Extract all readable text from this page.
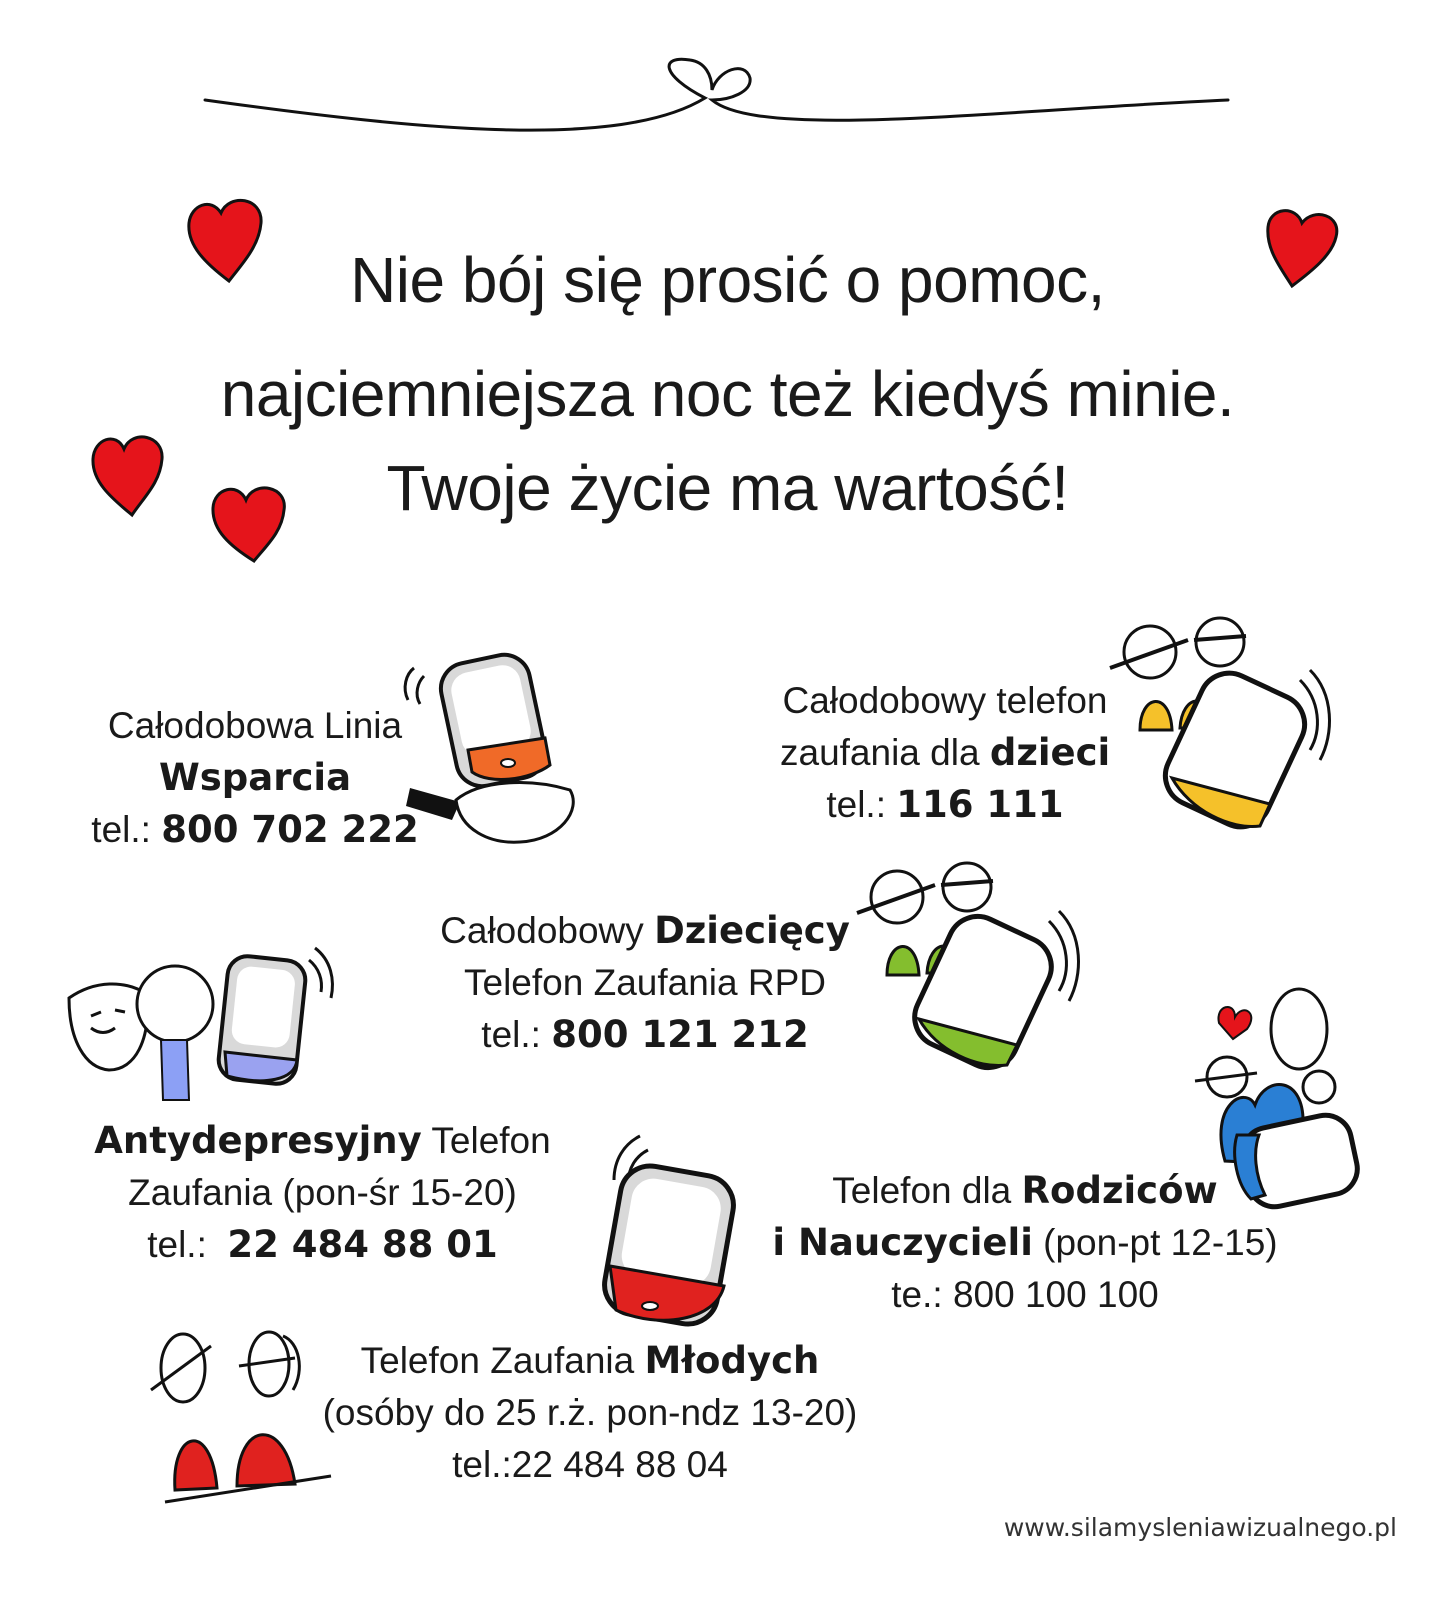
Nie bój się prosić o pomoc,
najciemniejsza noc też kiedyś minie.
Twoje życie ma wartość!
Całodobowa Linia
Wsparcia
tel.: 800 702 222
Całodobowy telefon
zaufania dla dzieci
tel.: 116 111
Całodobowy Dziecięcy
Telefon Zaufania RPD
tel.: 800 121 212
Antydepresyjny Telefon
Zaufania (pon-śr 15-20)
tel.: 22 484 88 01
Telefon dla Rodziców
i Nauczycieli (pon-pt 12-15)
te.: 800 100 100
Telefon Zaufania Młodych
(osóby do 25 r.ż. pon-ndz 13-20)
tel.:22 484 88 04
www.silamysleniawizualnego.pl
